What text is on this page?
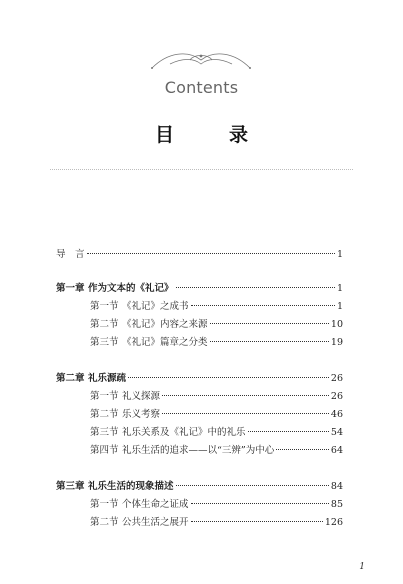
Contents
目　录
导　言	1
第一章 作为文本的《礼记》	1
第一节 《礼记》之成书	1
第二节 《礼记》内容之来源	10
第三节 《礼记》篇章之分类	19
第二章 礼乐源疏	26
第一节 礼义探源	26
第二节 乐义考察	46
第三节 礼乐关系及《礼记》中的礼乐	54
第四节 礼乐生活的追求——以“三辨”为中心	64
第三章 礼乐生活的现象描述	84
第一节 个体生命之证成	85
第二节 公共生活之展开	126
1
